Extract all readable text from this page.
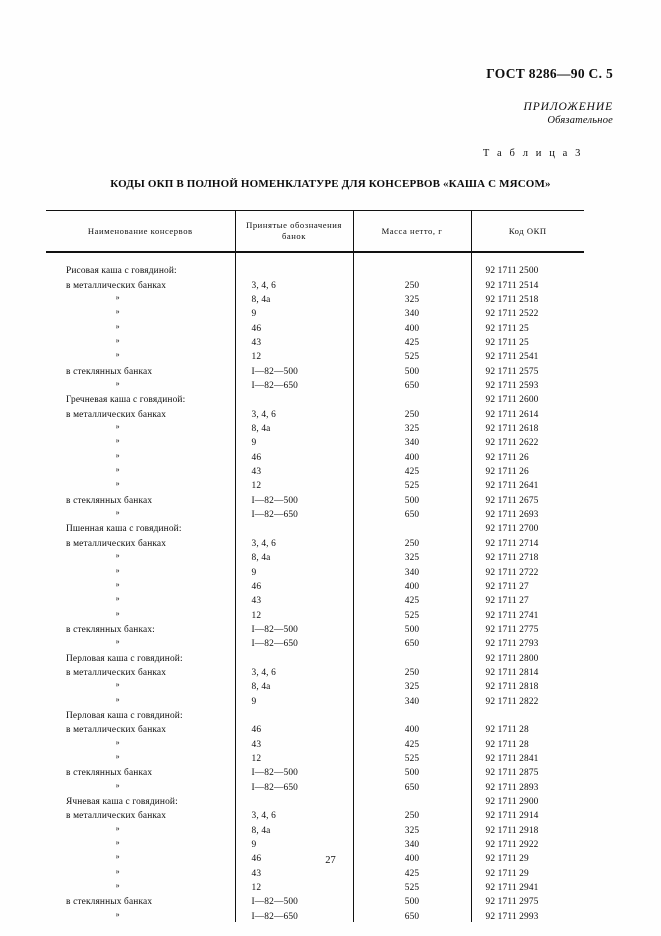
ГОСТ 8286—90 С. 5
ПРИЛОЖЕНИЕ
Обязательное
Т а б л и ц а 3
КОДЫ ОКП В ПОЛНОЙ НОМЕНКЛАТУРЕ ДЛЯ КОНСЕРВОВ «КАША С МЯСОМ»
Наименование консервов	Принятые обозначения банок	Масса нетто, г	Код ОКП

Рисовая каша с говядиной:			92 1711 2500
в металлических банках	3, 4, 6	250	92 1711 2514
»	8, 4а	325	92 1711 2518
»	9	340	92 1711 2522
»	46	400	92 1711 25
»	43	425	92 1711 25
»	12	525	92 1711 2541
в стеклянных банках	I—82—500	500	92 1711 2575
»	I—82—650	650	92 1711 2593
Гречневая каша с говядиной:			92 1711 2600
в металлических банках	3, 4, 6	250	92 1711 2614
»	8, 4а	325	92 1711 2618
»	9	340	92 1711 2622
»	46	400	92 1711 26
»	43	425	92 1711 26
»	12	525	92 1711 2641
в стеклянных банках	I—82—500	500	92 1711 2675
»	I—82—650	650	92 1711 2693
Пшенная каша с говядиной:			92 1711 2700
в металлических банках	3, 4, 6	250	92 1711 2714
»	8, 4а	325	92 1711 2718
»	9	340	92 1711 2722
»	46	400	92 1711 27
»	43	425	92 1711 27
»	12	525	92 1711 2741
в стеклянных банках:	I—82—500	500	92 1711 2775
»	I—82—650	650	92 1711 2793
Перловая каша с говядиной:			92 1711 2800
в металлических банках	3, 4, 6	250	92 1711 2814
»	8, 4а	325	92 1711 2818
»	9	340	92 1711 2822
Перловая каша с говядиной:			
в металлических банках	46	400	92 1711 28
»	43	425	92 1711 28
»	12	525	92 1711 2841
в стеклянных банках	I—82—500	500	92 1711 2875
»	I—82—650	650	92 1711 2893
Ячневая каша с говядиной:			92 1711 2900
в металлических банках	3, 4, 6	250	92 1711 2914
»	8, 4а	325	92 1711 2918
»	9	340	92 1711 2922
»	46	400	92 1711 29
»	43	425	92 1711 29
»	12	525	92 1711 2941
в стеклянных банках	I—82—500	500	92 1711 2975
»	I—82—650	650	92 1711 2993
27
